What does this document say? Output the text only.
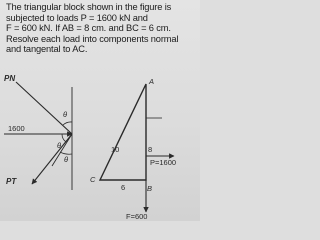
The triangular block shown in the figure is
subjected to loads P = 1600 kN and
F = 600 kN. If AB = 8 cm. and BC = 6 cm.
Resolve each load into components normal
and tangental to AC.
PN
θ
1600
θ
θ
PT
A
B
C
8
10
6
P=1600
F=600
